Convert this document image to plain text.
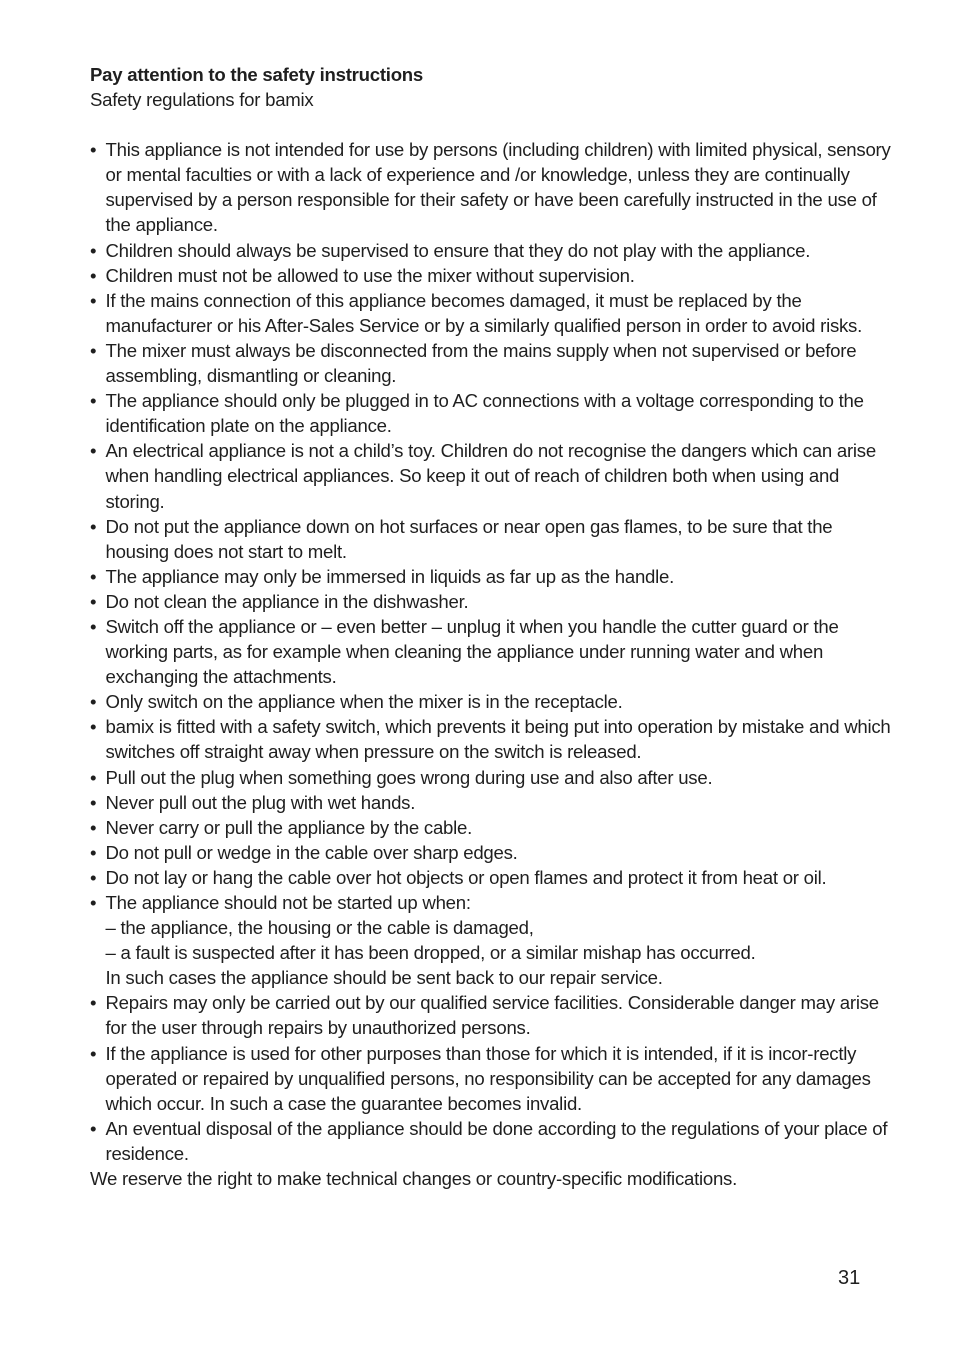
Pay attention to the safety instructions

Safety regulations for bamix

• This appliance is not intended for use by persons (including children) with limited physical, sensory or mental faculties or with a lack of experience and /or knowledge, unless they are continually supervised by a person responsible for their safety or have been carefully instructed in the use of the appliance.
• Children should always be supervised to ensure that they do not play with the appliance.
• Children must not be allowed to use the mixer without supervision.
• If the mains connection of this appliance becomes damaged, it must be replaced by the manufacturer or his After-Sales Service or by a similarly qualified person in order to avoid risks.
• The mixer must always be disconnected from the mains supply when not supervised or before assembling, dismantling or cleaning.
• The appliance should only be plugged in to AC connections with a voltage corresponding to the identification plate on the appliance.
• An electrical appliance is not a child’s toy. Children do not recognise the dangers which can arise when handling electrical appliances. So keep it out of reach of children both when using and storing.
• Do not put the appliance down on hot surfaces or near open gas flames, to be sure that the housing does not start to melt.
• The appliance may only be immersed in liquids as far up as the handle.
• Do not clean the appliance in the dishwasher.
• Switch off the appliance or – even better – unplug it when you handle the cutter guard or the working parts, as for example when cleaning the appliance under running water and when exchanging the attachments.
• Only switch on the appliance when the mixer is in the receptacle.
• bamix is fitted with a safety switch, which prevents it being put into operation by mistake and which switches off straight away when pressure on the switch is released.
• Pull out the plug when something goes wrong during use and also after use.
• Never pull out the plug with wet hands.
• Never carry or pull the appliance by the cable.
• Do not pull or wedge in the cable over sharp edges.
• Do not lay or hang the cable over hot objects or open flames and protect it from heat or oil.
• The appliance should not be started up when:
– the appliance, the housing or the cable is damaged,
– a fault is suspected after it has been dropped, or a similar mishap has occurred.
In such cases the appliance should be sent back to our repair service.
• Repairs may only be carried out by our qualified service facilities. Considerable danger may arise for the user through repairs by unauthorized persons.
• If the appliance is used for other purposes than those for which it is intended, if it is incor-rectly operated or repaired by unqualified persons, no responsibility can be accepted for any damages which occur. In such a case the guarantee becomes invalid.
• An eventual disposal of the appliance should be done according to the regulations of your place of residence.

We reserve the right to make technical changes or country-specific modifications.

31
